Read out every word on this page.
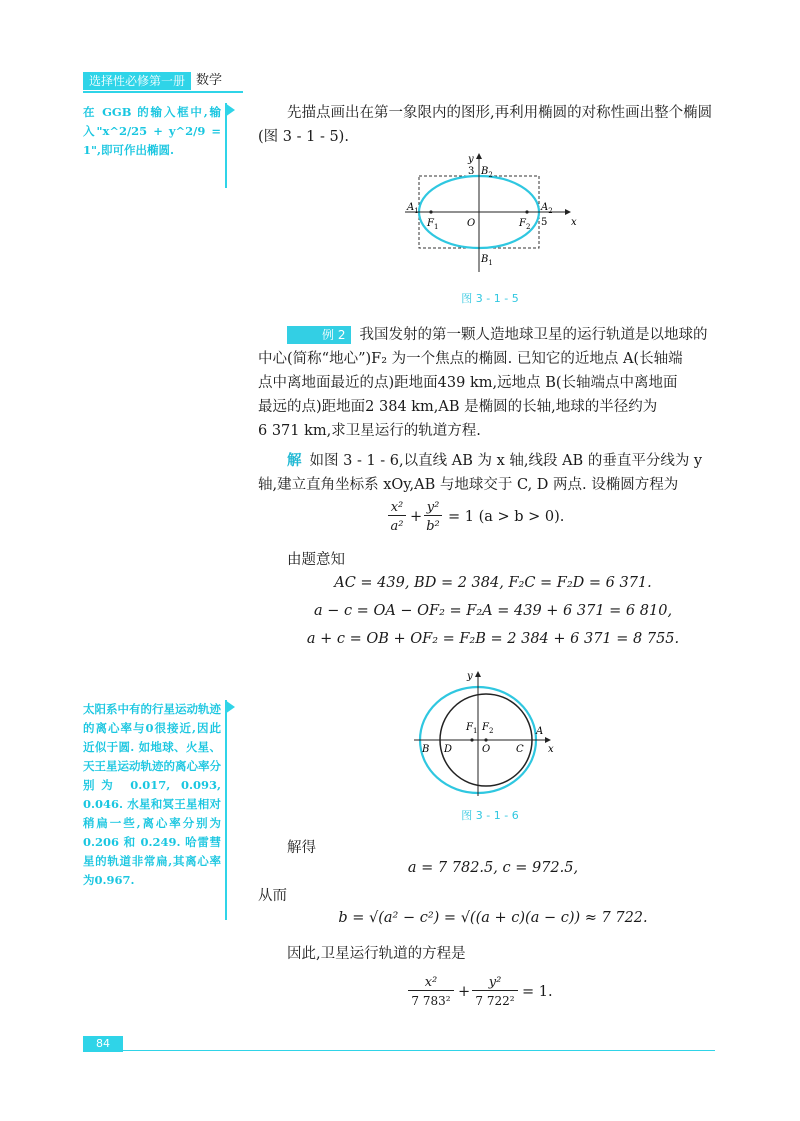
选择性必修第一册 数学
在 GGB 的输入框中,输入"x^2/25 + y^2/9 = 1",即可作出椭圆.
先描点画出在第一象限内的图形,再利用椭圆的对称性画出整个椭圆(图 3 - 1 - 5).
y
x
3
5
O
$A_1$	$A_2$
$B_2$
$B_1$
$F_1$	$F_2$
图 3 - 1 - 5
例 2 我国发射的第一颗人造地球卫星的运行轨道是以地球的
中心(简称“地心”)F₂ 为一个焦点的椭圆. 已知它的近地点 A(长轴端
点中离地面最近的点)距地面439 km,远地点 B(长轴端点中离地面
最远的点)距地面2 384 km,AB 是椭圆的长轴,地球的半径约为
6 371 km,求卫星运行的轨道方程.
解 如图 3 - 1 - 6,以直线 AB 为 x 轴,线段 AB 的垂直平分线为 y
轴,建立直角坐标系 xOy,AB 与地球交于 C, D 两点. 设椭圆方程为
x²
a²
+
y²
b²
= 1 (a > b > 0).
由题意知
AC = 439, BD = 2 384, F₂C = F₂D = 6 371.
a − c = OA − OF₂ = F₂A = 439 + 6 371 = 6 810,
a + c = OB + OF₂ = F₂B = 2 384 + 6 371 = 8 755.
太阳系中有的行星运动轨迹的离心率与0很接近,因此近似于圆. 如地球、火星、天王星运动轨迹的离心率分别为 0.017, 0.093, 0.046. 水星和冥王星相对稍扁一些,离心率分别为0.206 和 0.249. 哈雷彗星的轨道非常扁,其离心率为0.967.
y
x
O
B D	C
A
$F_1$ $F_2$
图 3 - 1 - 6
解得
a = 7 782.5, c = 972.5,
从而
b = √(a² − c²) = √((a + c)(a − c)) ≈ 7 722.
因此,卫星运行轨道的方程是
x²
7 783²
+
y²
7 722²
= 1.
84
